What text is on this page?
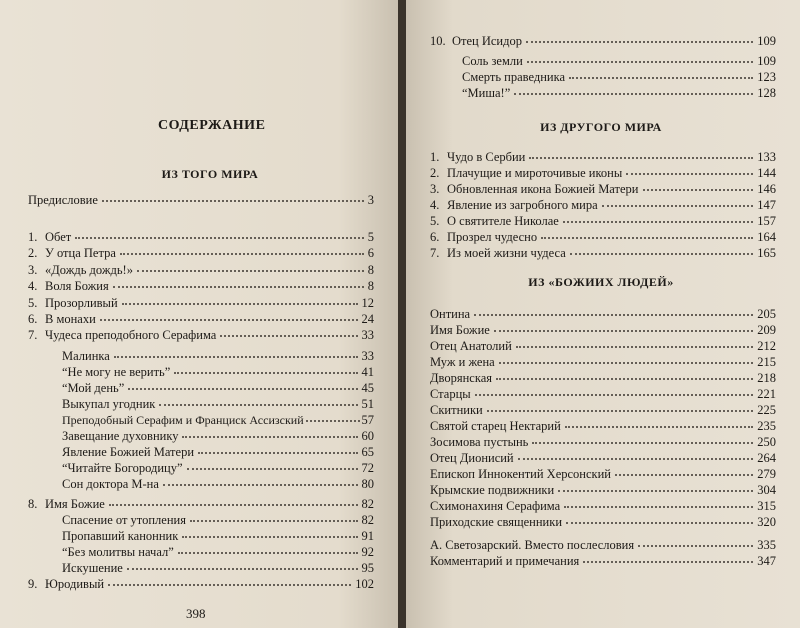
СОДЕРЖАНИЕ
ИЗ ТОГО МИРА
Предисловие	3
1. Обет	5
2. У отца Петра	6
3. «Дождь дождь!»	8
4. Воля Божия	8
5. Прозорливый	12
6. В монахи	24
7. Чудеса преподобного Серафима	33
Малинка	33
“Не могу не верить”	41
“Мой день”	45
Выкупал угодник	51
Преподобный Серафим и Франциск Ассизский	57
Завещание духовнику	60
Явление Божией Матери	65
“Читайте Богородицу”	72
Сон доктора М-на	80
8. Имя Божие	82
Спасение от утопления	82
Пропавший канонник	91
“Без молитвы начал”	92
Искушение	95
9. Юродивый	102
398
10. Отец Исидор	109
Соль земли	109
Смерть праведника	123
“Миша!”	128
ИЗ ДРУГОГО МИРА
1. Чудо в Сербии	133
2. Плачущие и мироточивые иконы	144
3. Обновленная икона Божией Матери	146
4. Явление из загробного мира	147
5. О святителе Николае	157
6. Прозрел чудесно	164
7. Из моей жизни чудеса	165
ИЗ «БОЖИИХ ЛЮДЕЙ»
Онтина	205
Имя Божие	209
Отец Анатолий	212
Муж и жена	215
Дворянская	218
Старцы	221
Скитники	225
Святой старец Нектарий	235
Зосимова пустынь	250
Отец Дионисий	264
Епископ Иннокентий Херсонский	279
Крымские подвижники	304
Схимонахиня Серафима	315
Приходские священники	320
А. Светозарский. Вместо послесловия	335
Комментарий и примечания	347
